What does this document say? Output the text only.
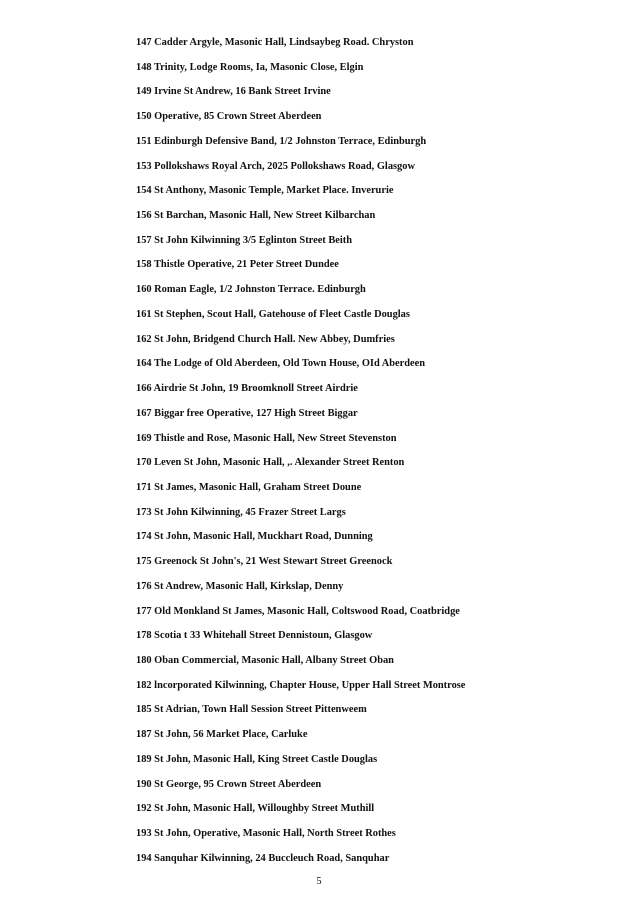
147 Cadder Argyle, Masonic Hall, Lindsaybeg Road. Chryston
148 Trinity, Lodge Rooms, Ia, Masonic Close, Elgin
149 Irvine St Andrew, 16 Bank Street Irvine
150 Operative, 85 Crown Street Aberdeen
151 Edinburgh Defensive Band, 1/2 Johnston Terrace, Edinburgh
153 Pollokshaws Royal Arch, 2025 Pollokshaws Road, Glasgow
154 St Anthony, Masonic Temple, Market Place. Inverurie
156 St Barchan, Masonic Hall, New Street Kilbarchan
157 St John Kilwinning 3/5 Eglinton Street Beith
158 Thistle Operative, 21 Peter Street Dundee
160 Roman Eagle, 1/2 Johnston Terrace. Edinburgh
161 St Stephen, Scout Hall, Gatehouse of Fleet Castle Douglas
162 St John, Bridgend Church Hall. New Abbey, Dumfries
164 The Lodge of Old Aberdeen, Old Town House, OId Aberdeen
166 Airdrie St John, 19 Broomknoll Street Airdrie
167 Biggar free Operative, 127 High Street Biggar
169 Thistle and Rose, Masonic Hall, New Street Stevenston
170 Leven St John, Masonic Hall, ,. Alexander Street Renton
171 St James, Masonic Hall, Graham Street Doune
173 St John Kilwinning, 45 Frazer Street Largs
174 St John, Masonic Hall, Muckhart Road, Dunning
175 Greenock St John's, 21 West Stewart Street Greenock
176 St Andrew, Masonic Hall, Kirkslap, Denny
177 Old Monkland St James, Masonic Hall, Coltswood Road, Coatbridge
178 Scotia t 33 Whitehall Street Dennistoun, Glasgow
180 Oban Commercial, Masonic Hall, Albany Street Oban
182 lncorporated Kilwinning, Chapter House, Upper Hall Street Montrose
185 St Adrian, Town Hall Session Street Pittenweem
187 St John, 56 Market Place, Carluke
189 St John, Masonic Hall, King Street Castle Douglas
190 St George, 95 Crown Street Aberdeen
192 St John, Masonic Hall, Willoughby Street Muthill
193 St John, Operative, Masonic Hall, North Street Rothes
194 Sanquhar Kilwinning, 24 Buccleuch Road, Sanquhar
5
